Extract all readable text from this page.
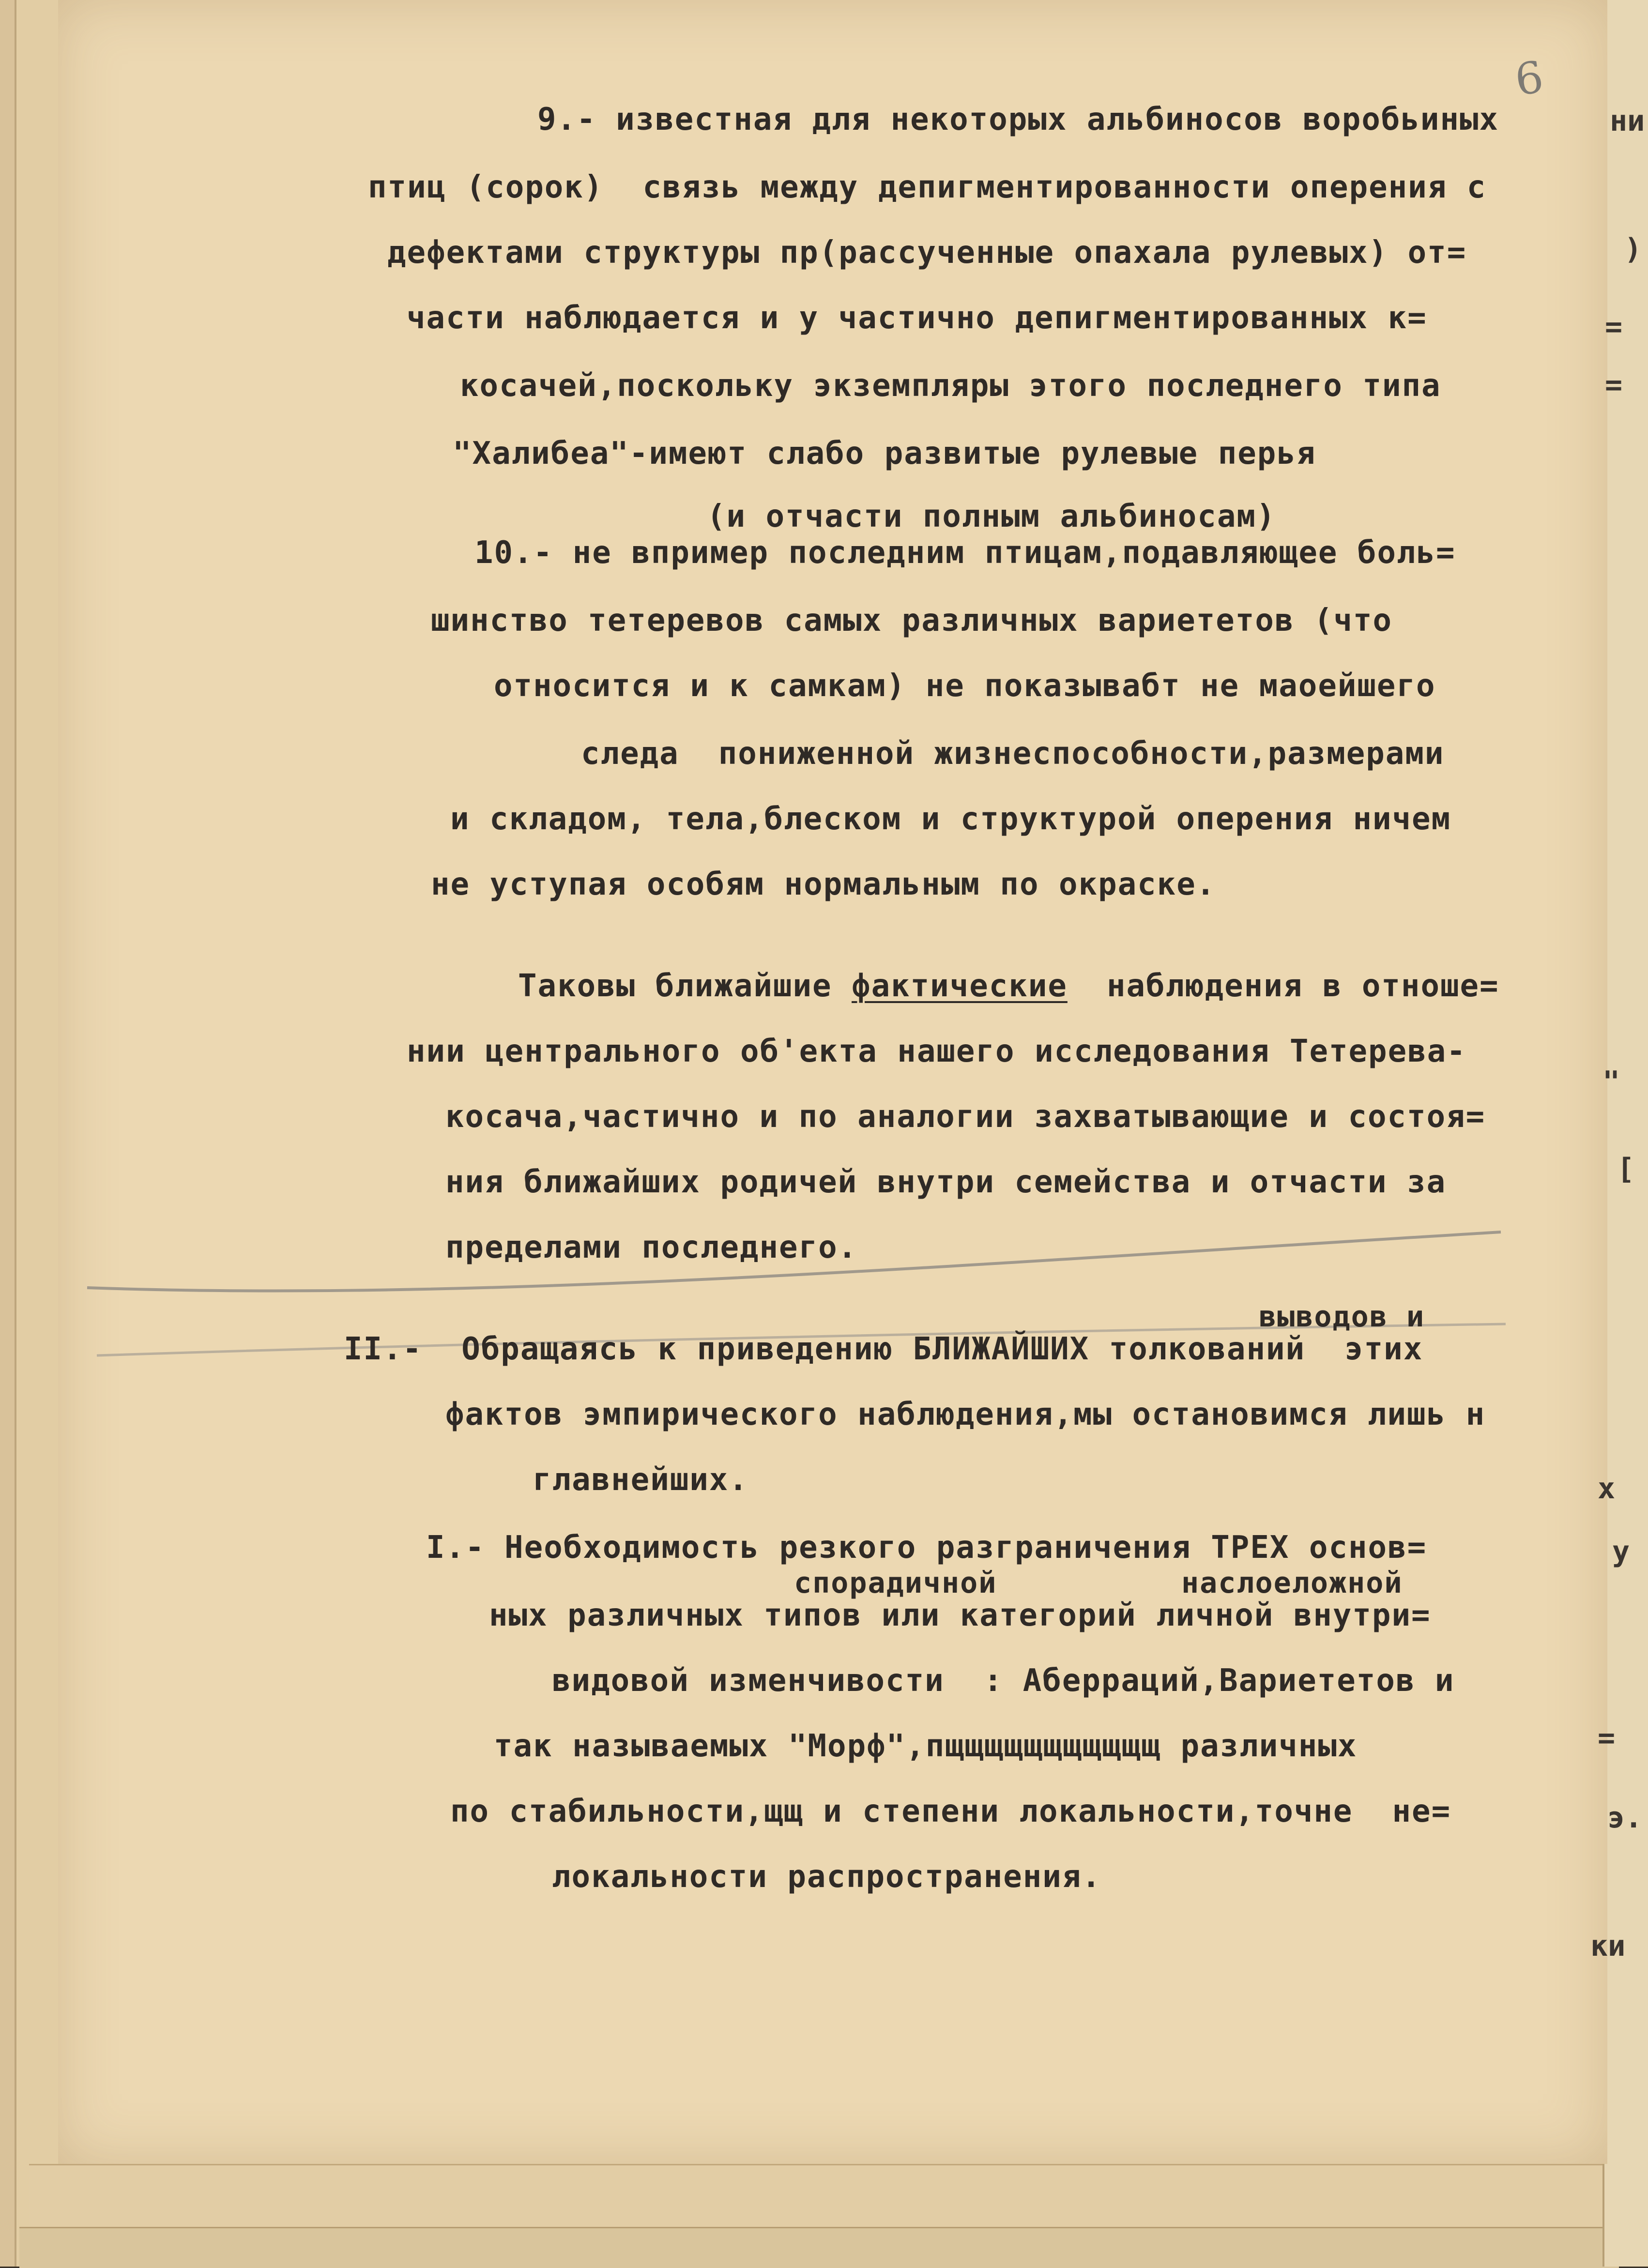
6
9.- известная для некоторых альбиносов воробьиных
птиц (сорок)  связь между депигментированности оперения с
дефектами структуры пр(рассученные опахала рулевых) от=
части наблюдается и у частично депигментированных к=
косачей,поскольку экземпляры этого последнего типа
"Халибеа"-имеют слабо развитые рулевые перья
(и отчасти полным альбиносам)
10.- не впример последним птицам,подавляющее боль=
шинство тетеревов самых различных вариететов (что
относится и к самкам) не показывабт не маоейшего
следа  пониженной жизнеспособности,размерами
и складом, тела,блеском и структурой оперения ничем
не уступая особям нормальным по окраске.
Таковы ближайшие фактические  наблюдения в отноше=
нии центрального об'екта нашего исследования Тетерева-
косача,частично и по аналогии захватывающие и состоя=
ния ближайших родичей внутри семейства и отчасти за
пределами последнего.
выводов и
II.-  Обращаясь к приведению БЛИЖАЙШИХ толкований  этих
фактов эмпирического наблюдения,мы остановимся лишь н
главнейших.
I.- Необходимость резкого разграничения ТРЕХ основ=
спорадичной	наслоеложной
ных различных типов или категорий личной внутри=
видовой изменчивости  : Аберраций,Вариететов и
так называемых "Морф",пщщщщщщщщщщщ различных
по стабильности,щщ и степени локальности,точне  не=
локальности распространения.
ни
)
=
=
"
[
х
у
=
э.
ки
